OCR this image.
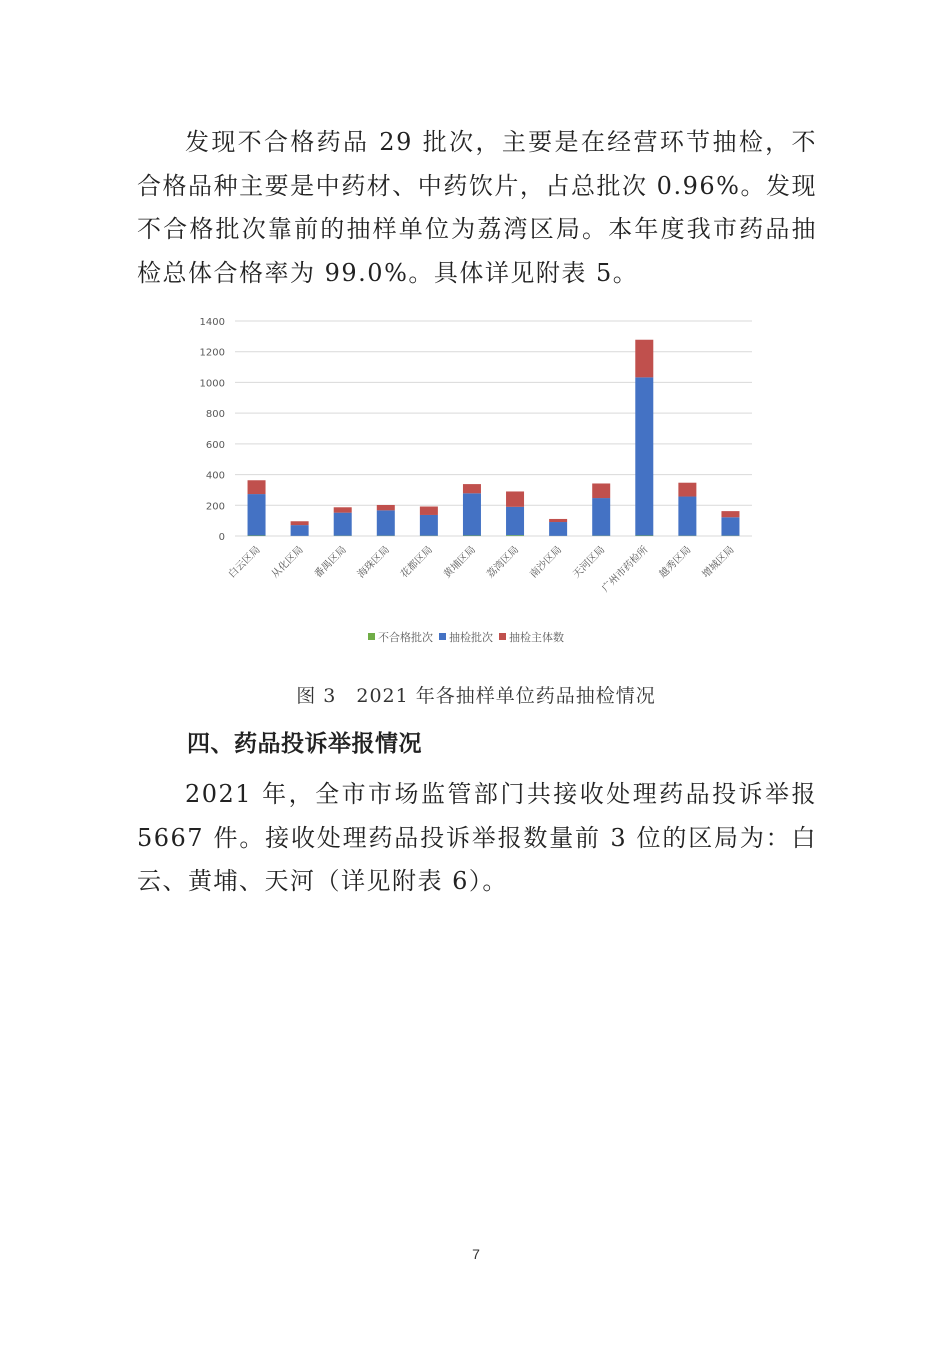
发现不合格药品 29 批次，主要是在经营环节抽检，不合格品种主要是中药材、中药饮片，占总批次 0.96%。发现不合格批次靠前的抽样单位为荔湾区局。本年度我市药品抽检总体合格率为 99.0%。具体详见附表 5。

0
200
400
600
800
1000
1200
1400
白云区局 从化区局 番禺区局 海珠区局 花都区局 黄埔区局 荔湾区局 南沙区局 天河区局
广州市药检所 越秀区局 增城区局
不合格批次 抽检批次 抽检主体数
图 3　2021 年各抽样单位药品抽检情况
四、药品投诉举报情况

2021 年，全市市场监管部门共接收处理药品投诉举报 5667 件。接收处理药品投诉举报数量前 3 位的区局为：白云、黄埔、天河（详见附表 6）。

7
